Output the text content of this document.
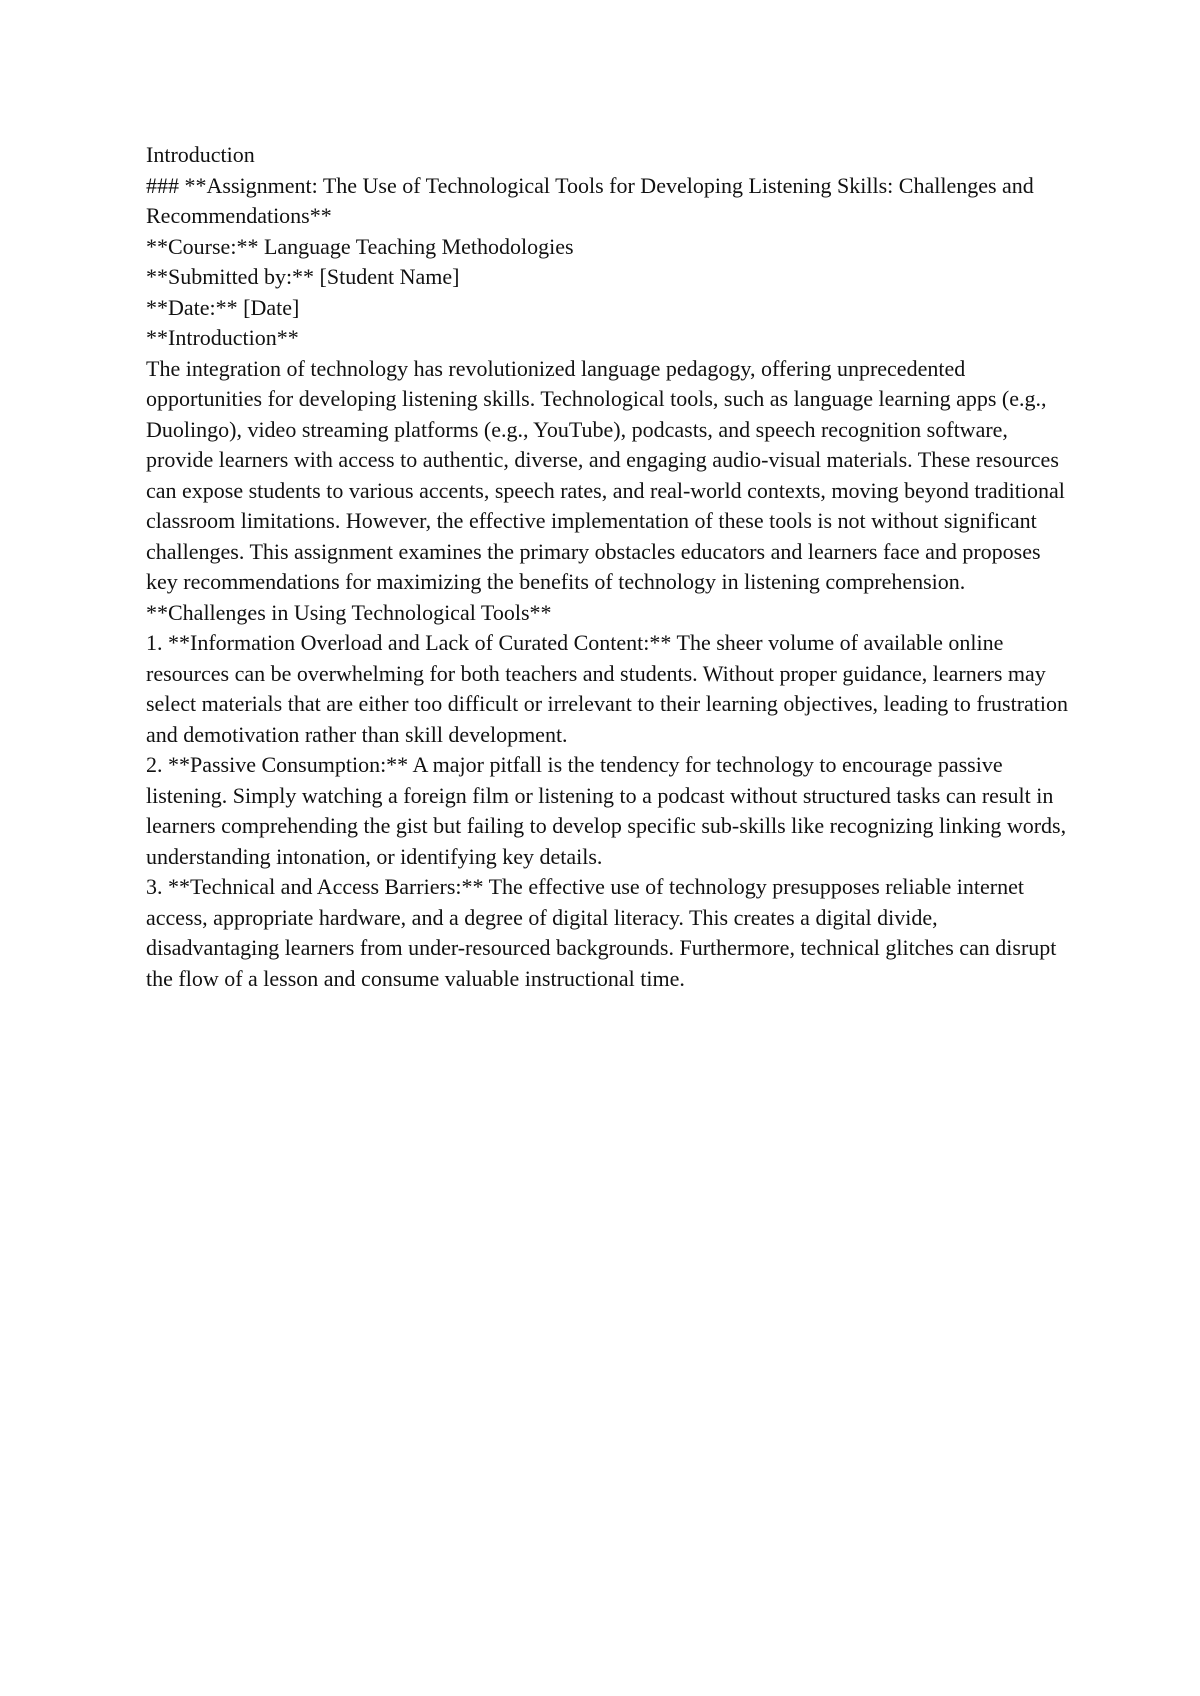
Introduction

### **Assignment: The Use of Technological Tools for Developing Listening Skills: Challenges and Recommendations**

**Course:** Language Teaching Methodologies

**Submitted by:** [Student Name]

**Date:** [Date]

**Introduction**

The integration of technology has revolutionized language pedagogy, offering unprecedented opportunities for developing listening skills. Technological tools, such as language learning apps (e.g., Duolingo), video streaming platforms (e.g., YouTube), podcasts, and speech recognition software, provide learners with access to authentic, diverse, and engaging audio-visual materials. These resources can expose students to various accents, speech rates, and real-world contexts, moving beyond traditional classroom limitations. However, the effective implementation of these tools is not without significant challenges. This assignment examines the primary obstacles educators and learners face and proposes key recommendations for maximizing the benefits of technology in listening comprehension.

**Challenges in Using Technological Tools**

1. **Information Overload and Lack of Curated Content:** The sheer volume of available online resources can be overwhelming for both teachers and students. Without proper guidance, learners may select materials that are either too difficult or irrelevant to their learning objectives, leading to frustration and demotivation rather than skill development.

2. **Passive Consumption:** A major pitfall is the tendency for technology to encourage passive listening. Simply watching a foreign film or listening to a podcast without structured tasks can result in learners comprehending the gist but failing to develop specific sub-skills like recognizing linking words, understanding intonation, or identifying key details.

3. **Technical and Access Barriers:** The effective use of technology presupposes reliable internet access, appropriate hardware, and a degree of digital literacy. This creates a digital divide, disadvantaging learners from under-resourced backgrounds. Furthermore, technical glitches can disrupt the flow of a lesson and consume valuable instructional time.
